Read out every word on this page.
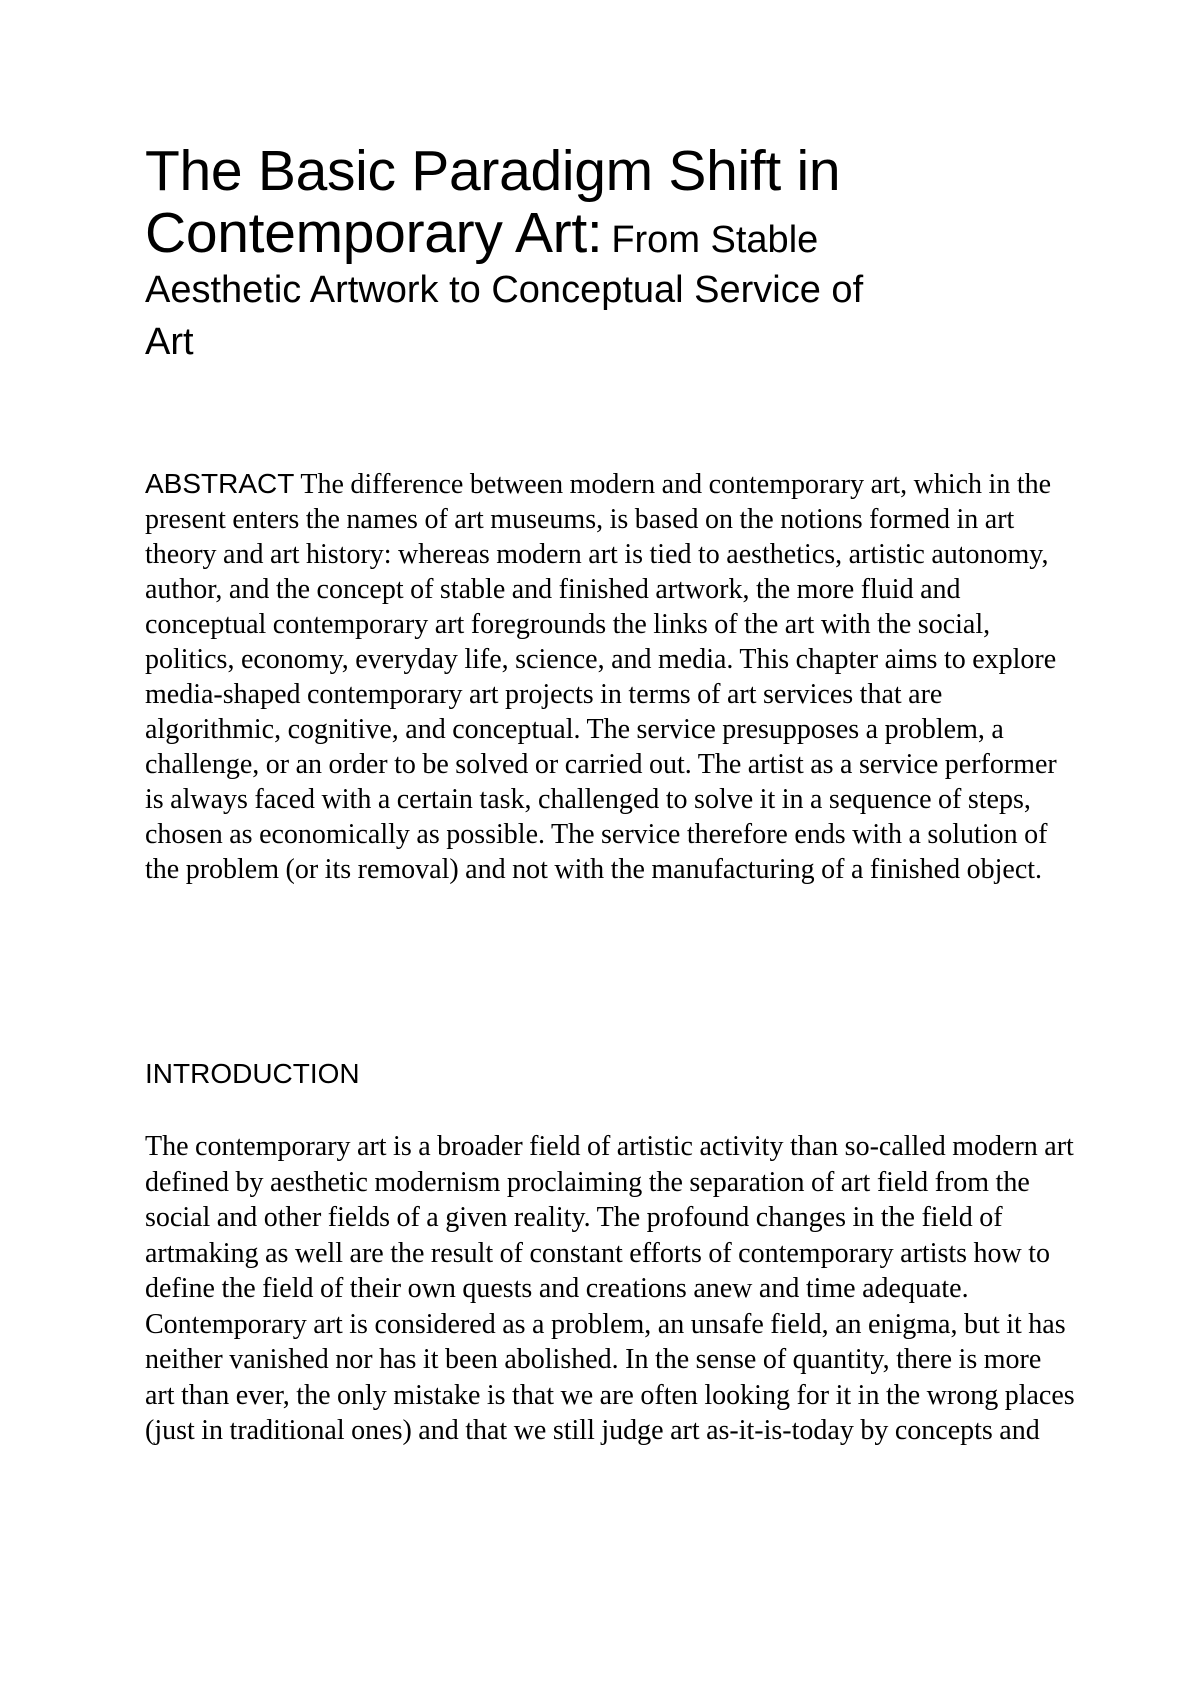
The Basic Paradigm Shift in
Contemporary Art: From Stable
Aesthetic Artwork to Conceptual Service of
Art

ABSTRACT The difference between modern and contemporary art, which in the present enters the names of art museums, is based on the notions formed in art theory and art history: whereas modern art is tied to aesthetics, artistic autonomy, author, and the concept of stable and finished artwork, the more fluid and conceptual contemporary art foregrounds the links of the art with the social, politics, economy, everyday life, science, and media. This chapter aims to explore media-shaped contemporary art projects in terms of art services that are algorithmic, cognitive, and conceptual. The service presupposes a problem, a challenge, or an order to be solved or carried out. The artist as a service performer is always faced with a certain task, challenged to solve it in a sequence of steps, chosen as economically as possible. The service therefore ends with a solution of the problem (or its removal) and not with the manufacturing of a finished object.

INTRODUCTION

The contemporary art is a broader field of artistic activity than so-called modern art defined by aesthetic modernism proclaiming the separation of art field from the social and other fields of a given reality. The profound changes in the field of artmaking as well are the result of constant efforts of contemporary artists how to define the field of their own quests and creations anew and time adequate. Contemporary art is considered as a problem, an unsafe field, an enigma, but it has neither vanished nor has it been abolished. In the sense of quantity, there is more art than ever, the only mistake is that we are often looking for it in the wrong places (just in traditional ones) and that we still judge art as-it-is-today by concepts and
